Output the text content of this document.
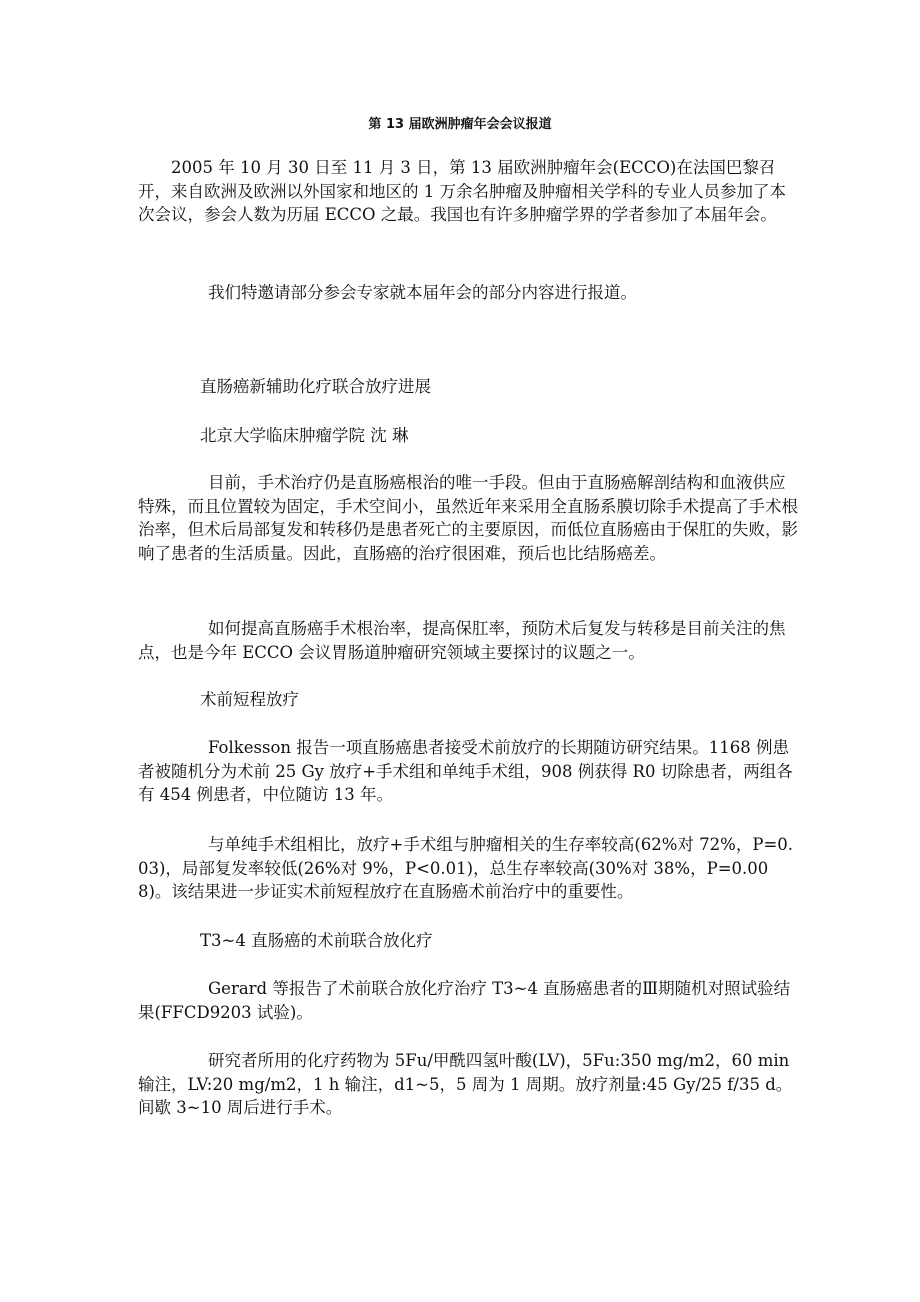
第 13 届欧洲肿瘤年会会议报道

2005 年 10 月 30 日至 11 月 3 日，第 13 届欧洲肿瘤年会(ECCO)在法国巴黎召开，来自欧洲及欧洲以外国家和地区的 1 万余名肿瘤及肿瘤相关学科的专业人员参加了本次会议，参会人数为历届 ECCO 之最。我国也有许多肿瘤学界的学者参加了本届年会。

我们特邀请部分参会专家就本届年会的部分内容进行报道。

直肠癌新辅助化疗联合放疗进展

北京大学临床肿瘤学院 沈 琳

目前，手术治疗仍是直肠癌根治的唯一手段。但由于直肠癌解剖结构和血液供应特殊，而且位置较为固定，手术空间小，虽然近年来采用全直肠系膜切除手术提高了手术根治率，但术后局部复发和转移仍是患者死亡的主要原因，而低位直肠癌由于保肛的失败，影响了患者的生活质量。因此，直肠癌的治疗很困难，预后也比结肠癌差。

如何提高直肠癌手术根治率，提高保肛率，预防术后复发与转移是目前关注的焦点，也是今年 ECCO 会议胃肠道肿瘤研究领域主要探讨的议题之一。

术前短程放疗

Folkesson 报告一项直肠癌患者接受术前放疗的长期随访研究结果。1168 例患者被随机分为术前 25 Gy 放疗+手术组和单纯手术组，908 例获得 R0 切除患者，两组各有 454 例患者，中位随访 13 年。

与单纯手术组相比，放疗+手术组与肿瘤相关的生存率较高(62%对 72%，P=0.03)，局部复发率较低(26%对 9%，P<0.01)，总生存率较高(30%对 38%，P=0.008)。该结果进一步证实术前短程放疗在直肠癌术前治疗中的重要性。

T3~4 直肠癌的术前联合放化疗

Gerard 等报告了术前联合放化疗治疗 T3~4 直肠癌患者的Ⅲ期随机对照试验结果(FFCD9203 试验)。

研究者所用的化疗药物为 5Fu/甲酰四氢叶酸(LV)，5Fu:350 mg/m2，60 min 输注，LV:20 mg/m2，1 h 输注，d1~5，5 周为 1 周期。放疗剂量:45 Gy/25 f/35 d。间歇 3~10 周后进行手术。
